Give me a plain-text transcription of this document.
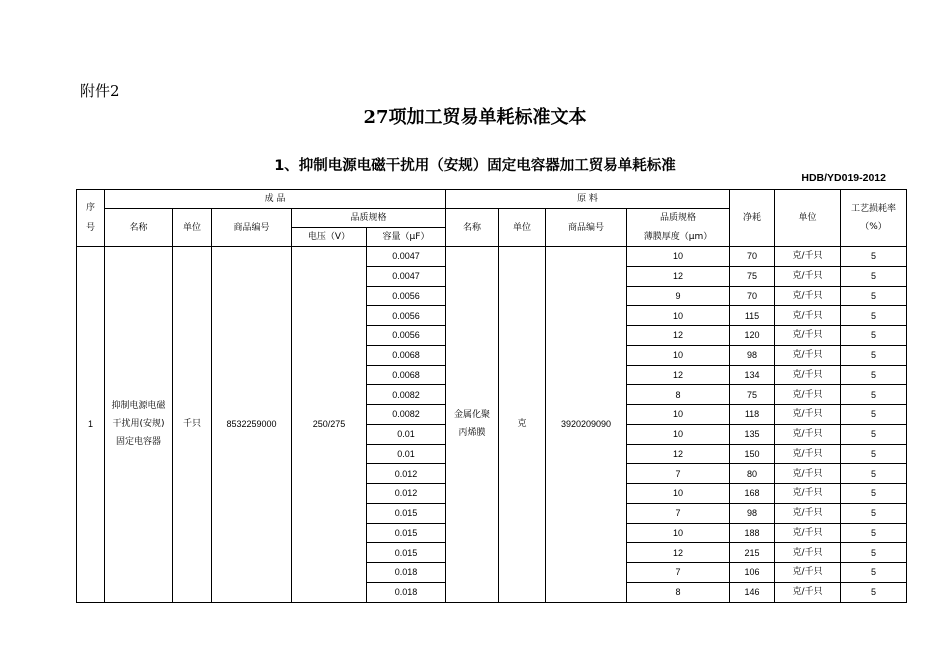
附件2
27项加工贸易单耗标准文本
1、抑制电源电磁干扰用（安规）固定电容器加工贸易单耗标准
HDB/YD019-2012
序号	成 品					原 料				净耗	单位	工艺损耗率（%）
	名称	单位	商品编号	品质规格		名称	单位	商品编号	品质规格			
				电压（V）	容量（μF）				薄膜厚度（μm）			
1	抑制电源电磁干扰用(安规)固定电容器	千只	8532259000	250/275	0.0047	金属化聚丙烯膜	克	3920209090	10	70	克/千只	5
					0.0047				12	75	克/千只	5
					0.0056				9	70	克/千只	5
					0.0056				10	115	克/千只	5
					0.0056				12	120	克/千只	5
					0.0068				10	98	克/千只	5
					0.0068				12	134	克/千只	5
					0.0082				8	75	克/千只	5
					0.0082				10	118	克/千只	5
					0.01				10	135	克/千只	5
					0.01				12	150	克/千只	5
					0.012				7	80	克/千只	5
					0.012				10	168	克/千只	5
					0.015				7	98	克/千只	5
					0.015				10	188	克/千只	5
					0.015				12	215	克/千只	5
					0.018				7	106	克/千只	5
					0.018				8	146	克/千只	5
